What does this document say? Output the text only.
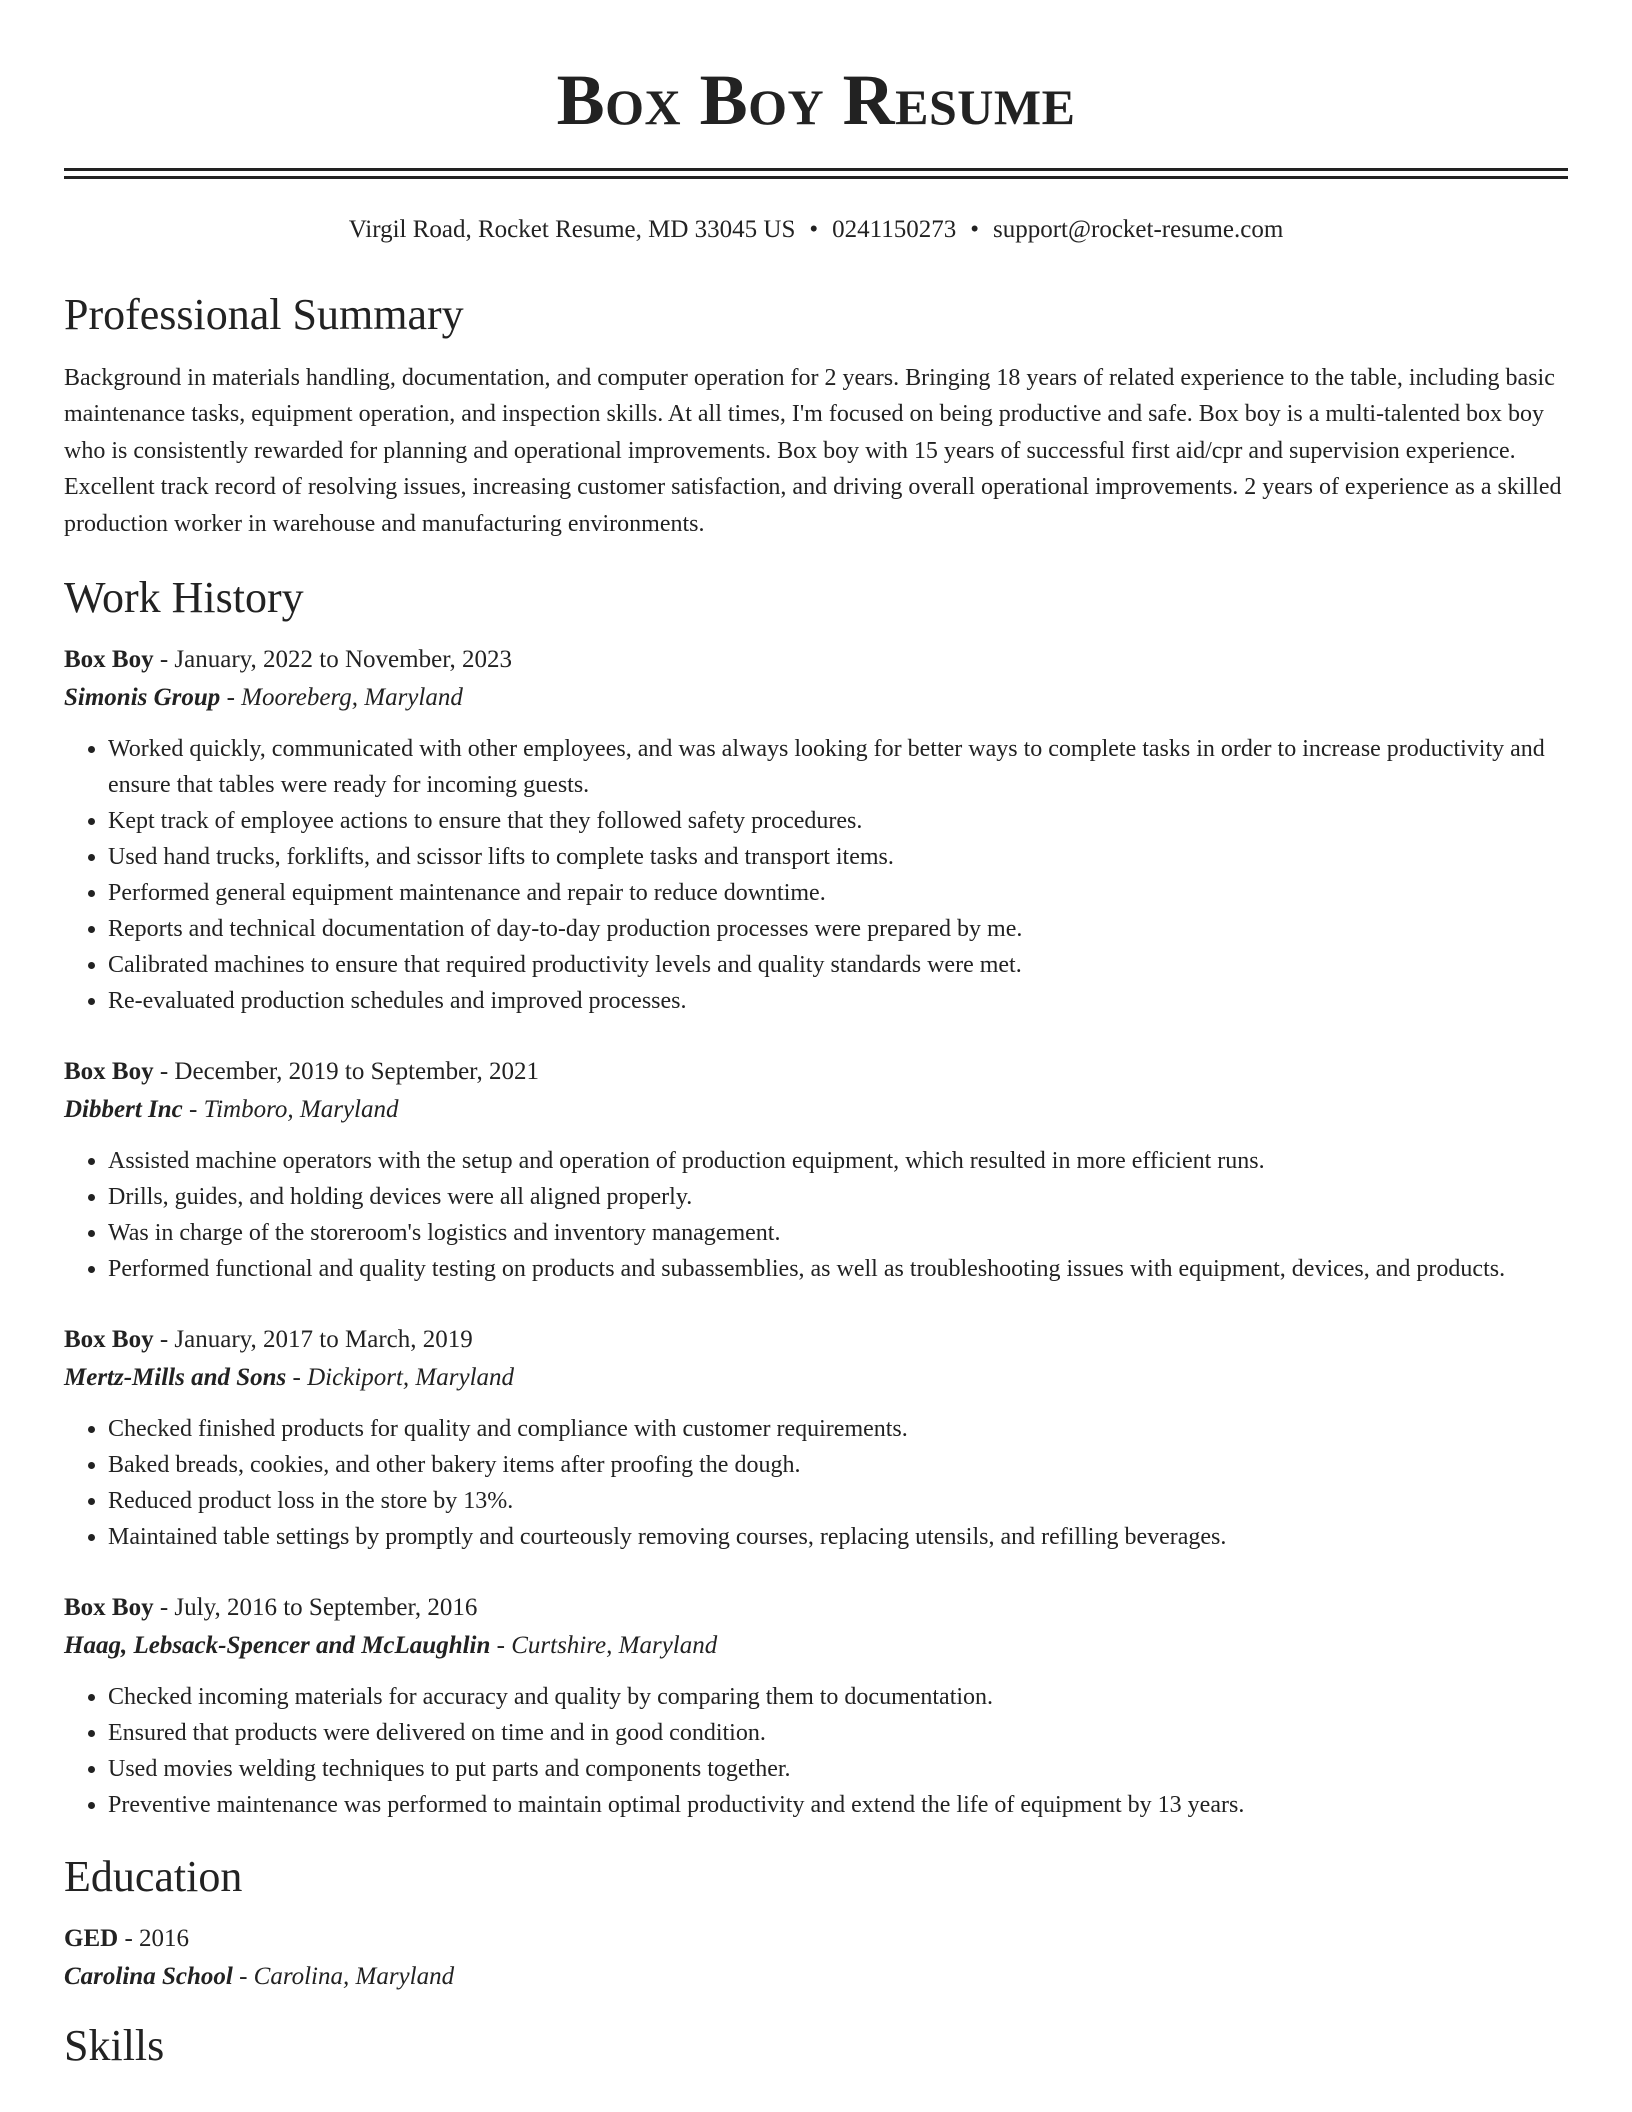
Box Boy Resume
Virgil Road, Rocket Resume, MD 33045 US • 0241150273 • support@rocket-resume.com
Professional Summary
Background in materials handling, documentation, and computer operation for 2 years. Bringing 18 years of related experience to the table, including basic maintenance tasks, equipment operation, and inspection skills. At all times, I'm focused on being productive and safe. Box boy is a multi-talented box boy who is consistently rewarded for planning and operational improvements. Box boy with 15 years of successful first aid/cpr and supervision experience. Excellent track record of resolving issues, increasing customer satisfaction, and driving overall operational improvements. 2 years of experience as a skilled production worker in warehouse and manufacturing environments.
Work History
Box Boy - January, 2022 to November, 2023
Simonis Group - Mooreberg, Maryland
• Worked quickly, communicated with other employees, and was always looking for better ways to complete tasks in order to increase productivity and ensure that tables were ready for incoming guests.
• Kept track of employee actions to ensure that they followed safety procedures.
• Used hand trucks, forklifts, and scissor lifts to complete tasks and transport items.
• Performed general equipment maintenance and repair to reduce downtime.
• Reports and technical documentation of day-to-day production processes were prepared by me.
• Calibrated machines to ensure that required productivity levels and quality standards were met.
• Re-evaluated production schedules and improved processes.
Box Boy - December, 2019 to September, 2021
Dibbert Inc - Timboro, Maryland
• Assisted machine operators with the setup and operation of production equipment, which resulted in more efficient runs.
• Drills, guides, and holding devices were all aligned properly.
• Was in charge of the storeroom's logistics and inventory management.
• Performed functional and quality testing on products and subassemblies, as well as troubleshooting issues with equipment, devices, and products.
Box Boy - January, 2017 to March, 2019
Mertz-Mills and Sons - Dickiport, Maryland
• Checked finished products for quality and compliance with customer requirements.
• Baked breads, cookies, and other bakery items after proofing the dough.
• Reduced product loss in the store by 13%.
• Maintained table settings by promptly and courteously removing courses, replacing utensils, and refilling beverages.
Box Boy - July, 2016 to September, 2016
Haag, Lebsack-Spencer and McLaughlin - Curtshire, Maryland
• Checked incoming materials for accuracy and quality by comparing them to documentation.
• Ensured that products were delivered on time and in good condition.
• Used movies welding techniques to put parts and components together.
• Preventive maintenance was performed to maintain optimal productivity and extend the life of equipment by 13 years.
Education
GED - 2016
Carolina School - Carolina, Maryland
Skills
